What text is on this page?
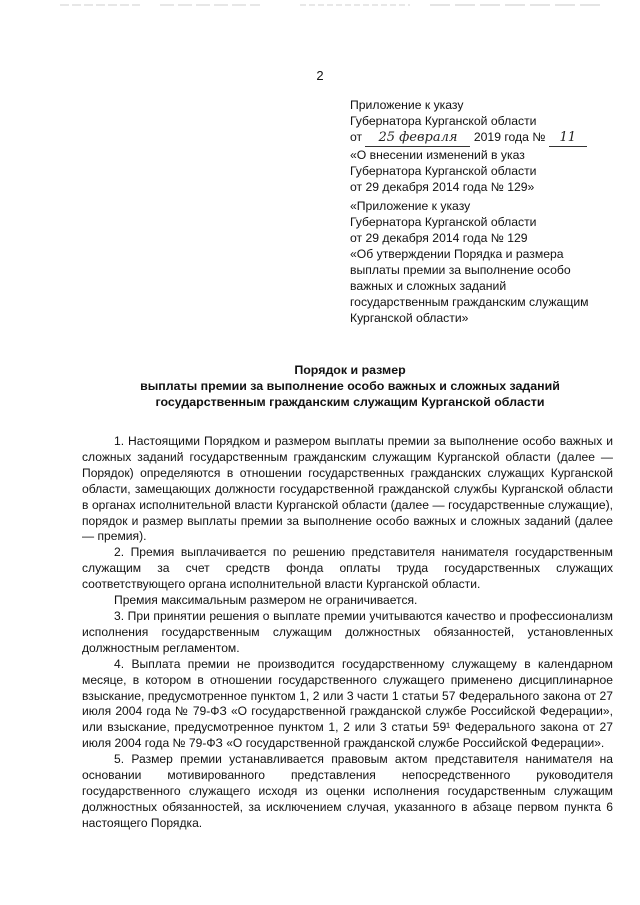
2
Приложение к указу
Губернатора Курганской области
от 25 февраля 2019 года № 11
«О внесении изменений в указ
Губернатора Курганской области
от 29 декабря 2014 года № 129»
«Приложение к указу
Губернатора Курганской области
от 29 декабря 2014 года № 129
«Об утверждении Порядка и размера
выплаты премии за выполнение особо
важных и сложных заданий
государственным гражданским служащим
Курганской области»
Порядок и размер
выплаты премии за выполнение особо важных и сложных заданий
государственным гражданским служащим Курганской области

1. Настоящими Порядком и размером выплаты премии за выполнение особо важных и сложных заданий государственным гражданским служащим Курганской области (далее — Порядок) определяются в отношении государственных гражданских служащих Курганской области, замещающих должности государственной гражданской службы Курганской области в органах исполнительной власти Курганской области (далее — государственные служащие), порядок и размер выплаты премии за выполнение особо важных и сложных заданий (далее — премия).

2. Премия выплачивается по решению представителя нанимателя государственным служащим за счет средств фонда оплаты труда государственных служащих соответствующего органа исполнительной власти Курганской области.

Премия максимальным размером не ограничивается.

3. При принятии решения о выплате премии учитываются качество и профессионализм исполнения государственным служащим должностных обязанностей, установленных должностным регламентом.

4. Выплата премии не производится государственному служащему в календарном месяце, в котором в отношении государственного служащего применено дисциплинарное взыскание, предусмотренное пунктом 1, 2 или 3 части 1 статьи 57 Федерального закона от 27 июля 2004 года № 79-ФЗ «О государственной гражданской службе Российской Федерации», или взыскание, предусмотренное пунктом 1, 2 или 3 статьи 59¹ Федерального закона от 27 июля 2004 года № 79-ФЗ «О государственной гражданской службе Российской Федерации».

5. Размер премии устанавливается правовым актом представителя нанимателя на основании мотивированного представления непосредственного руководителя государственного служащего исходя из оценки исполнения государственным служащим должностных обязанностей, за исключением случая, указанного в абзаце первом пункта 6 настоящего Порядка.
